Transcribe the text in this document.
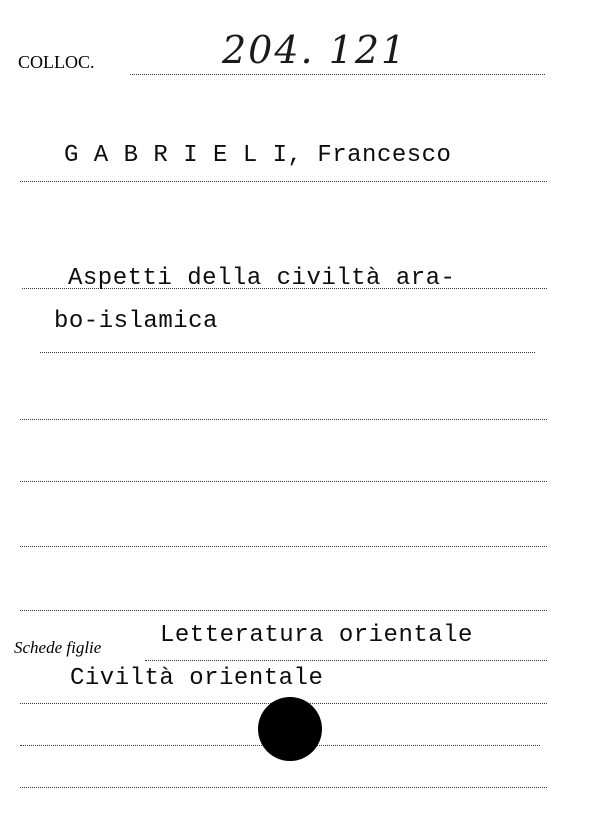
COLLOC.	204. 121
G A B R I E L I, Francesco
Aspetti della civiltà ara-
bo-islamica
Schede figlie Letteratura orientale
Civiltà orientale
